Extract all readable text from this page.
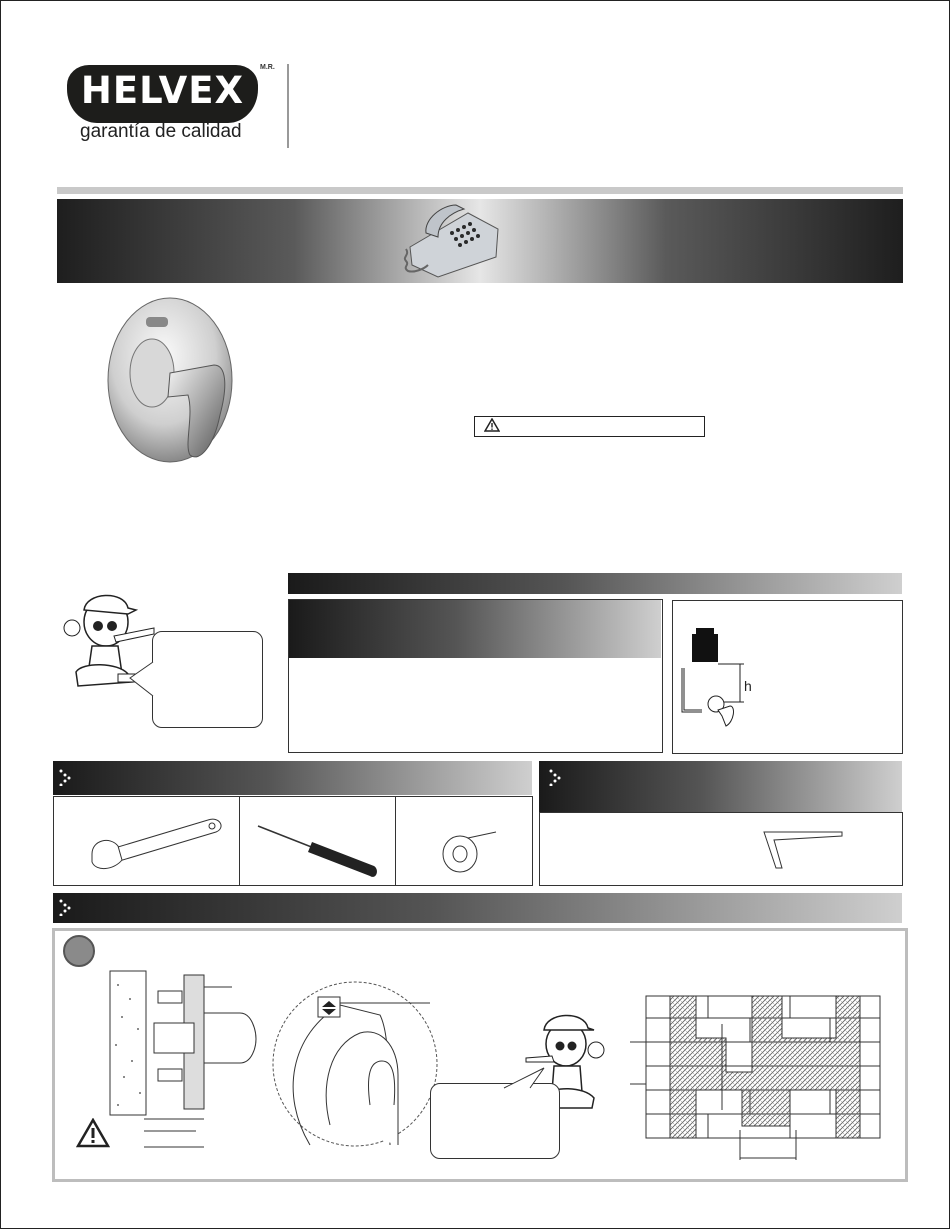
HELVEX
M.R.
garantía de calidad
h
